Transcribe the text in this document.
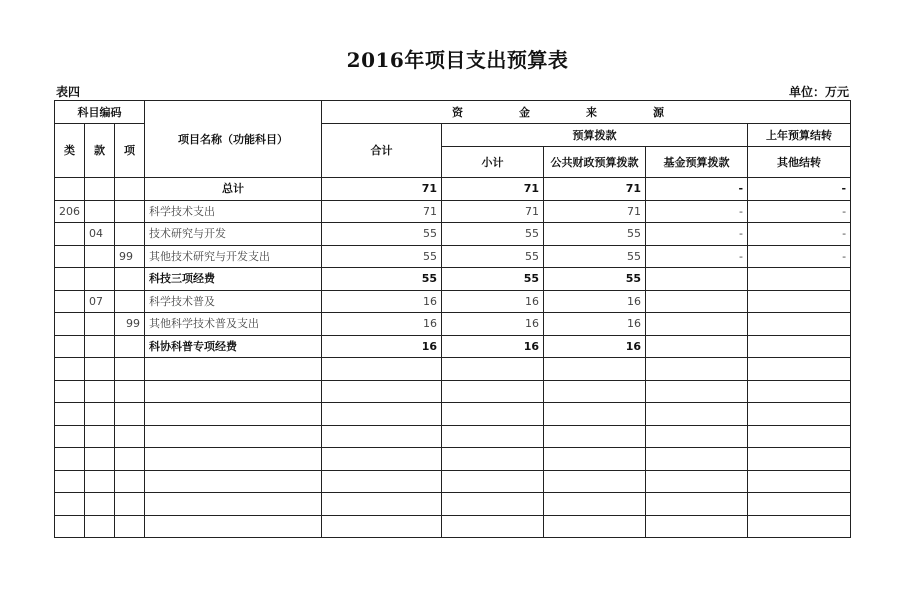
2016年项目支出预算表
表四	单位：万元
科目编码			项目名称（功能科目）	资金来源				
类	款	项		合计	预算拨款			上年预算结转
					小计	公共财政预算拨款	基金预算拨款	其他结转
			总计	71	71	71	-	-
206			科学技术支出	71	71	71	-	-
	04		技术研究与开发	55	55	55	-	-
		99	其他技术研究与开发支出	55	55	55	-	-
			科技三项经费	55	55	55		
	07		科学技术普及	16	16	16		
		99	其他科学技术普及支出	16	16	16		
			科协科普专项经费	16	16	16		
